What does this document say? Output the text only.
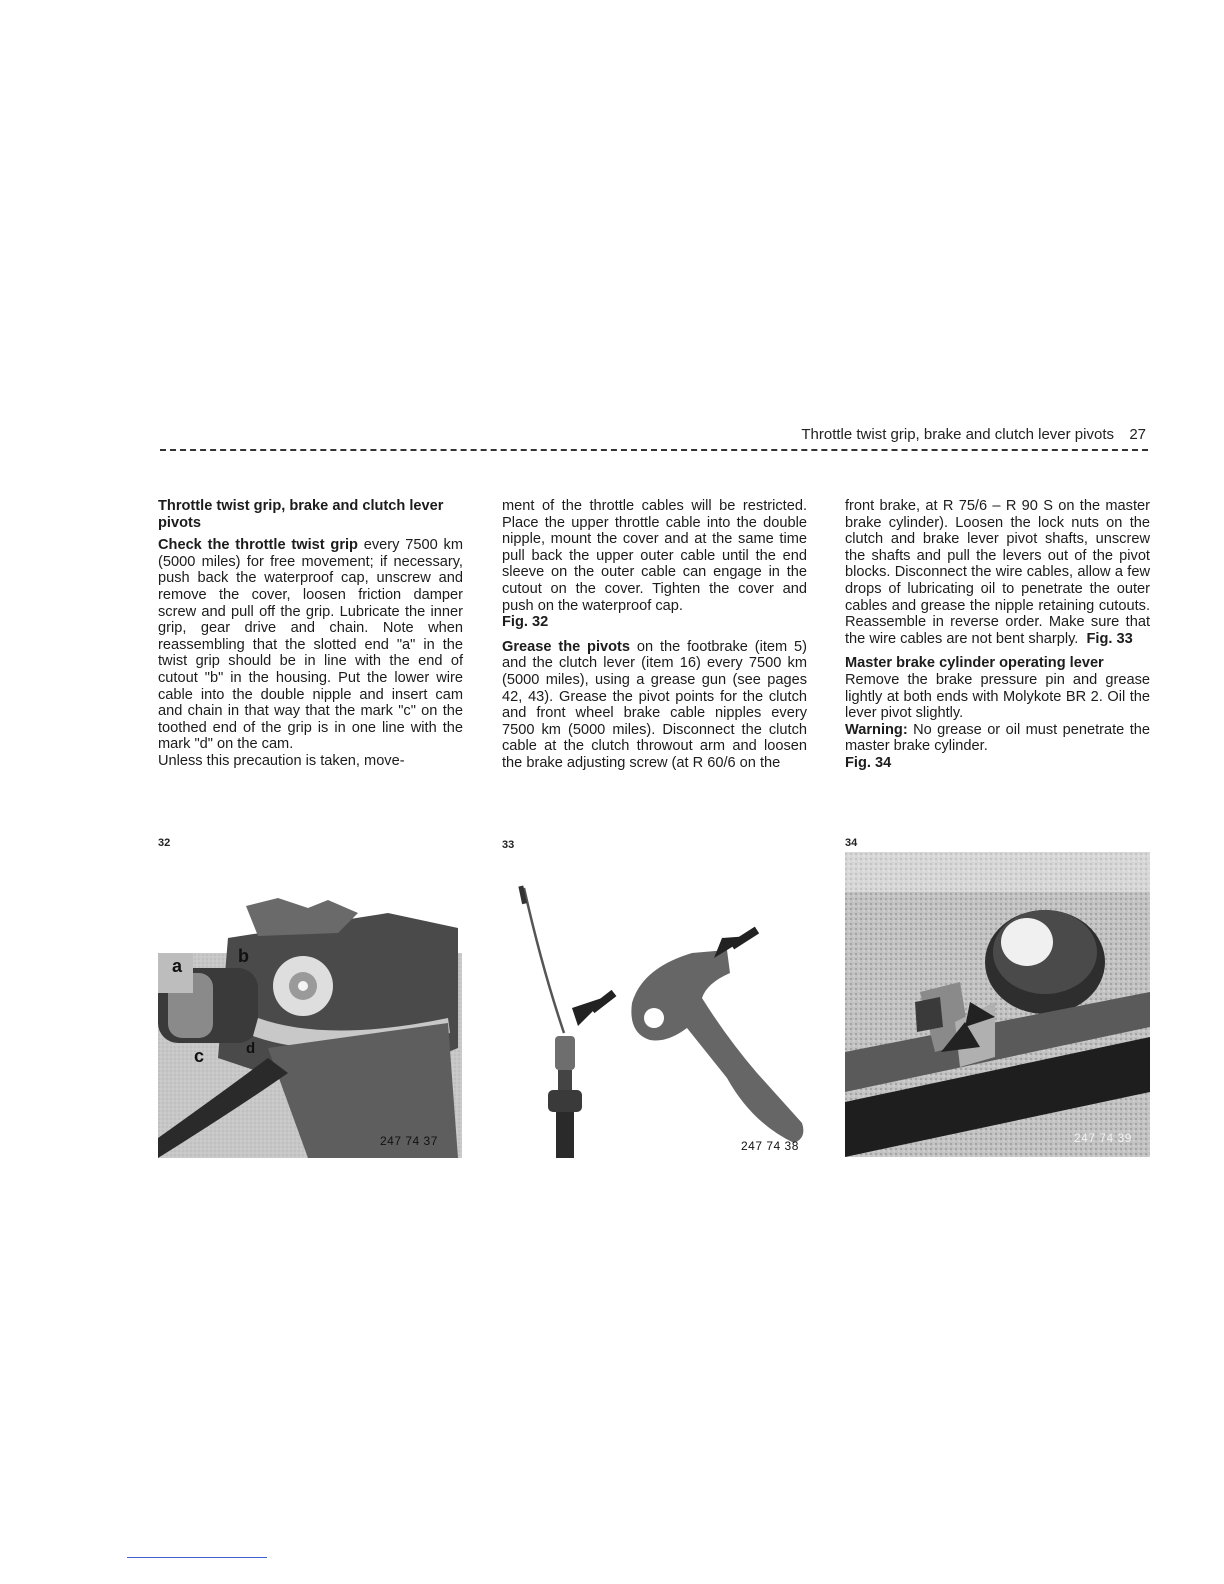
Throttle twist grip, brake and clutch lever pivots 27
Throttle twist grip, brake and clutch lever pivots

Check the throttle twist grip every 7500 km (5000 miles) for free movement; if necessary, push back the waterproof cap, unscrew and remove the cover, loosen friction damper screw and pull off the grip. Lubricate the inner grip, gear drive and chain. Note when reassembling that the slotted end "a" in the twist grip should be in line with the end of cutout "b" in the housing. Put the lower wire cable into the double nipple and insert cam and chain in that way that the mark "c" on the toothed end of the grip is in one line with the mark "d" on the cam.

Unless this precaution is taken, move-

ment of the throttle cables will be restricted. Place the upper throttle cable into the double nipple, mount the cover and at the same time pull back the upper outer cable until the end sleeve on the outer cable can engage in the cutout on the cover. Tighten the cover and push on the waterproof cap.

Fig. 32

Grease the pivots on the footbrake (item 5) and the clutch lever (item 16) every 7500 km (5000 miles), using a grease gun (see pages 42, 43). Grease the pivot points for the clutch and front wheel brake cable nipples every 7500 km (5000 miles). Disconnect the clutch cable at the clutch throwout arm and loosen the brake adjusting screw (at R 60/6 on the

front brake, at R 75/6 – R 90 S on the master brake cylinder). Loosen the lock nuts on the clutch and brake lever pivot shafts, unscrew the shafts and pull the levers out of the pivot blocks. Disconnect the wire cables, allow a few drops of lubricating oil to penetrate the outer cables and grease the nipple retaining cutouts. Reassemble in reverse order. Make sure that the wire cables are not bent sharply. Fig. 33

Master brake cylinder operating lever

Remove the brake pressure pin and grease lightly at both ends with Molykote BR 2. Oil the lever pivot slightly.

Warning: No grease or oil must penetrate the master brake cylinder.

Fig. 34

32	33	34
a	b
c	d
247 74 37	247 74 38
247 74 39
